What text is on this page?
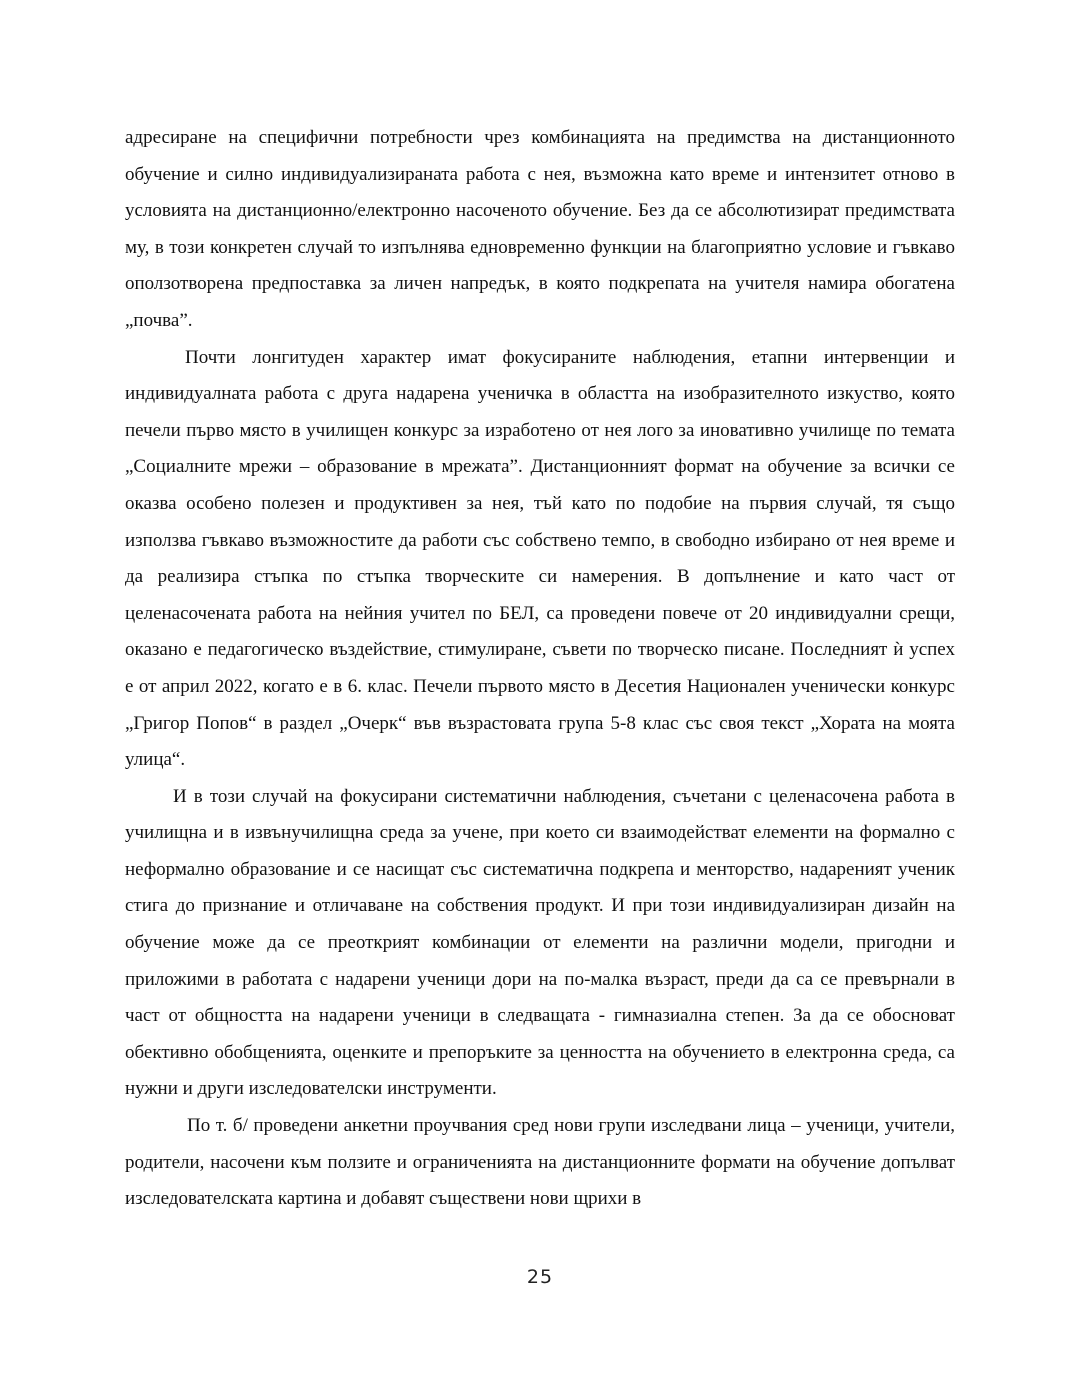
адресиране на специфични потребности чрез комбинацията на предимства на дистанционното обучение и силно индивидуализираната работа с нея, възможна като време и интензитет отново в условията на дистанционно/електронно насоченото обучение. Без да се абсолютизират предимствата му, в този конкретен случай то изпълнява едновременно функции на благоприятно условие и гъвкаво оползотворена предпоставка за личен напредък, в която подкрепата на учителя намира обогатена „почва”.

Почти лонгитуден характер имат фокусираните наблюдения, етапни интервенции и индивидуалната работа с друга надарена ученичка в областта на изобразителното изкуство, която печели първо място в училищен конкурс за изработено от нея лого за иновативно училище по темата „Социалните мрежи – образование в мрежата”. Дистанционният формат на обучение за всички се оказва особено полезен и продуктивен за нея, тъй като по подобие на първия случай, тя също използва гъвкаво възможностите да работи със собствено темпо, в свободно избирано от нея време и да реализира стъпка по стъпка творческите си намерения. В допълнение и като част от целенасочената работа на нейния учител по БЕЛ, са проведени повече от 20 индивидуални срещи, оказано е педагогическо въздействие, стимулиране, съвети по творческо писане. Последният ѝ успех е от април 2022, когато е в 6. клас. Печели първото място в Десетия Национален ученически конкурс „Григор Попов“ в раздел „Очерк“ във възрастовата група 5-8 клас със своя текст „Хората на моята улица“.

И в този случай на фокусирани систематични наблюдения, съчетани с целенасочена работа в училищна и в извънучилищна среда за учене, при което си взаимодействат елементи на формално с неформално образование и се насищат със систематична подкрепа и менторство, надареният ученик стига до признание и отличаване на собствения продукт. И при този индивидуализиран дизайн на обучение може да се преоткрият комбинации от елементи на различни модели, пригодни и приложими в работата с надарени ученици дори на по-малка възраст, преди да са се превърнали в част от общността на надарени ученици в следващата - гимназиална степен. За да се обосноват обективно обобщенията, оценките и препоръките за ценността на обучението в електронна среда, са нужни и други изследователски инструменти.

По т. б/ проведени анкетни проучвания сред нови групи изследвани лица – ученици, учители, родители, насочени към ползите и ограниченията на дистанционните формати на обучение допълват изследователската картина и добавят съществени нови щрихи в

25
